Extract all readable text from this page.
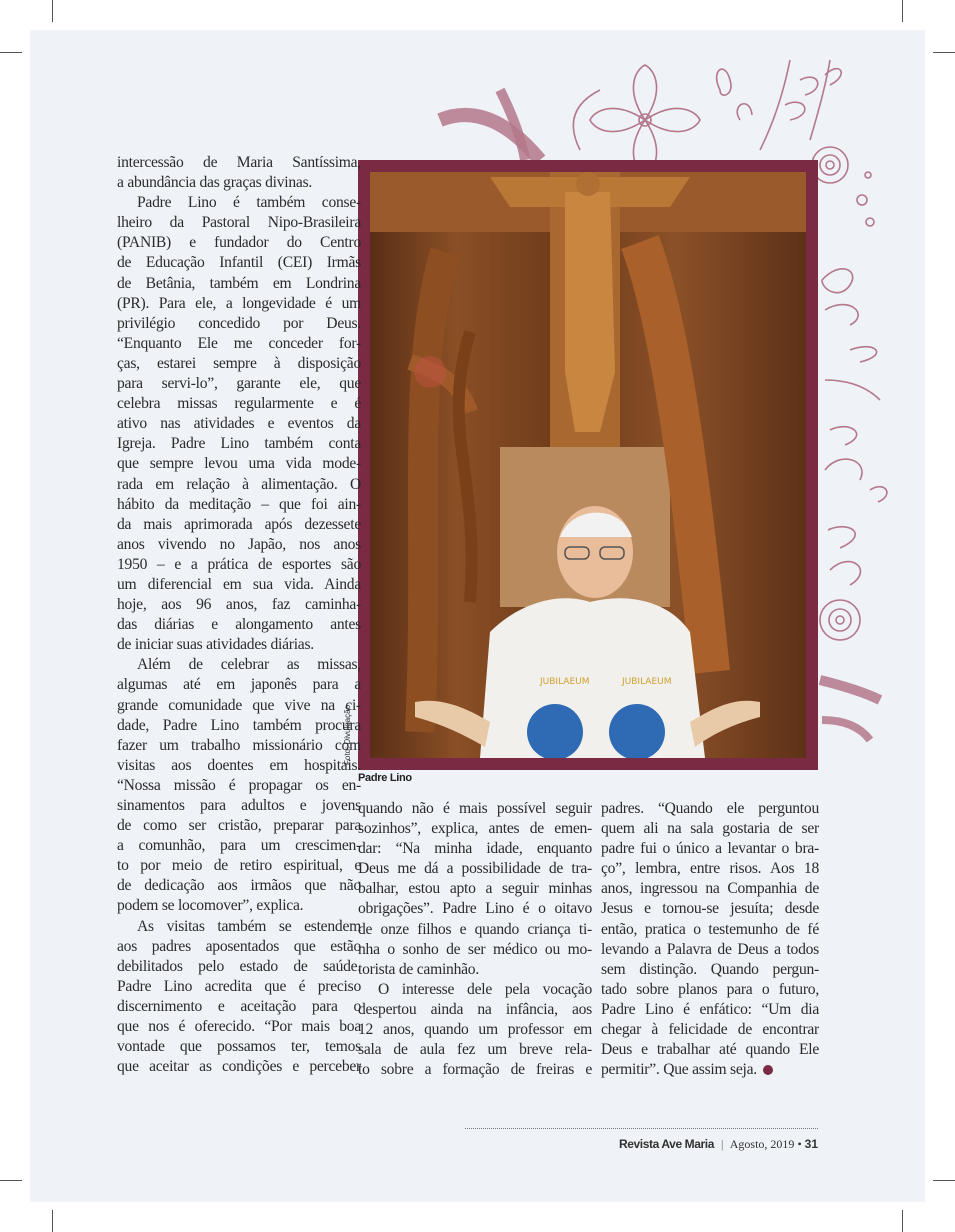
JUBILAEUM	JUBILAEUM
Foto: Divulgação
Padre Lino
intercessão de Maria Santíssima,
a abundância das graças divinas.
Padre Lino é também conse-
lheiro da Pastoral Nipo-Brasileira
(PANIB) e fundador do Centro
de Educação Infantil (CEI) Irmãs
de Betânia, também em Londrina
(PR). Para ele, a longevidade é um
privilégio concedido por Deus.
“Enquanto Ele me conceder for-
ças, estarei sempre à disposição
para servi-lo”, garante ele, que
celebra missas regularmente e é
ativo nas atividades e eventos da
Igreja. Padre Lino também conta
que sempre levou uma vida mode-
rada em relação à alimentação. O
hábito da meditação – que foi ain-
da mais aprimorada após dezessete
anos vivendo no Japão, nos anos
1950 – e a prática de esportes são
um diferencial em sua vida. Ainda
hoje, aos 96 anos, faz caminha-
das diárias e alongamento antes
de iniciar suas atividades diárias.
Além de celebrar as missas,
algumas até em japonês para a
grande comunidade que vive na ci-
dade, Padre Lino também procura
fazer um trabalho missionário com
visitas aos doentes em hospitais.
“Nossa missão é propagar os en-
sinamentos para adultos e jovens
de como ser cristão, preparar para
a comunhão, para um crescimen-
to por meio de retiro espiritual, e
de dedicação aos irmãos que não
podem se locomover”, explica.
As visitas também se estendem
aos padres aposentados que estão
debilitados pelo estado de saúde.
Padre Lino acredita que é preciso
discernimento e aceitação para o
que nos é oferecido. “Por mais boa
vontade que possamos ter, temos
que aceitar as condições e perceber
quando não é mais possível seguir
sozinhos”, explica, antes de emen-
dar: “Na minha idade, enquanto
Deus me dá a possibilidade de tra-
balhar, estou apto a seguir minhas
obrigações”. Padre Lino é o oitavo
de onze filhos e quando criança ti-
nha o sonho de ser médico ou mo-
torista de caminhão.
O interesse dele pela vocação
despertou ainda na infância, aos
12 anos, quando um professor em
sala de aula fez um breve rela-
to sobre a formação de freiras e
padres. “Quando ele perguntou
quem ali na sala gostaria de ser
padre fui o único a levantar o bra-
ço”, lembra, entre risos. Aos 18
anos, ingressou na Companhia de
Jesus e tornou-se jesuíta; desde
então, pratica o testemunho de fé
levando a Palavra de Deus a todos
sem distinção. Quando pergun-
tado sobre planos para o futuro,
Padre Lino é enfático: “Um dia
chegar à felicidade de encontrar
Deus e trabalhar até quando Ele
permitir”. Que assim seja.
Revista Ave Maria | Agosto, 2019 • 31
